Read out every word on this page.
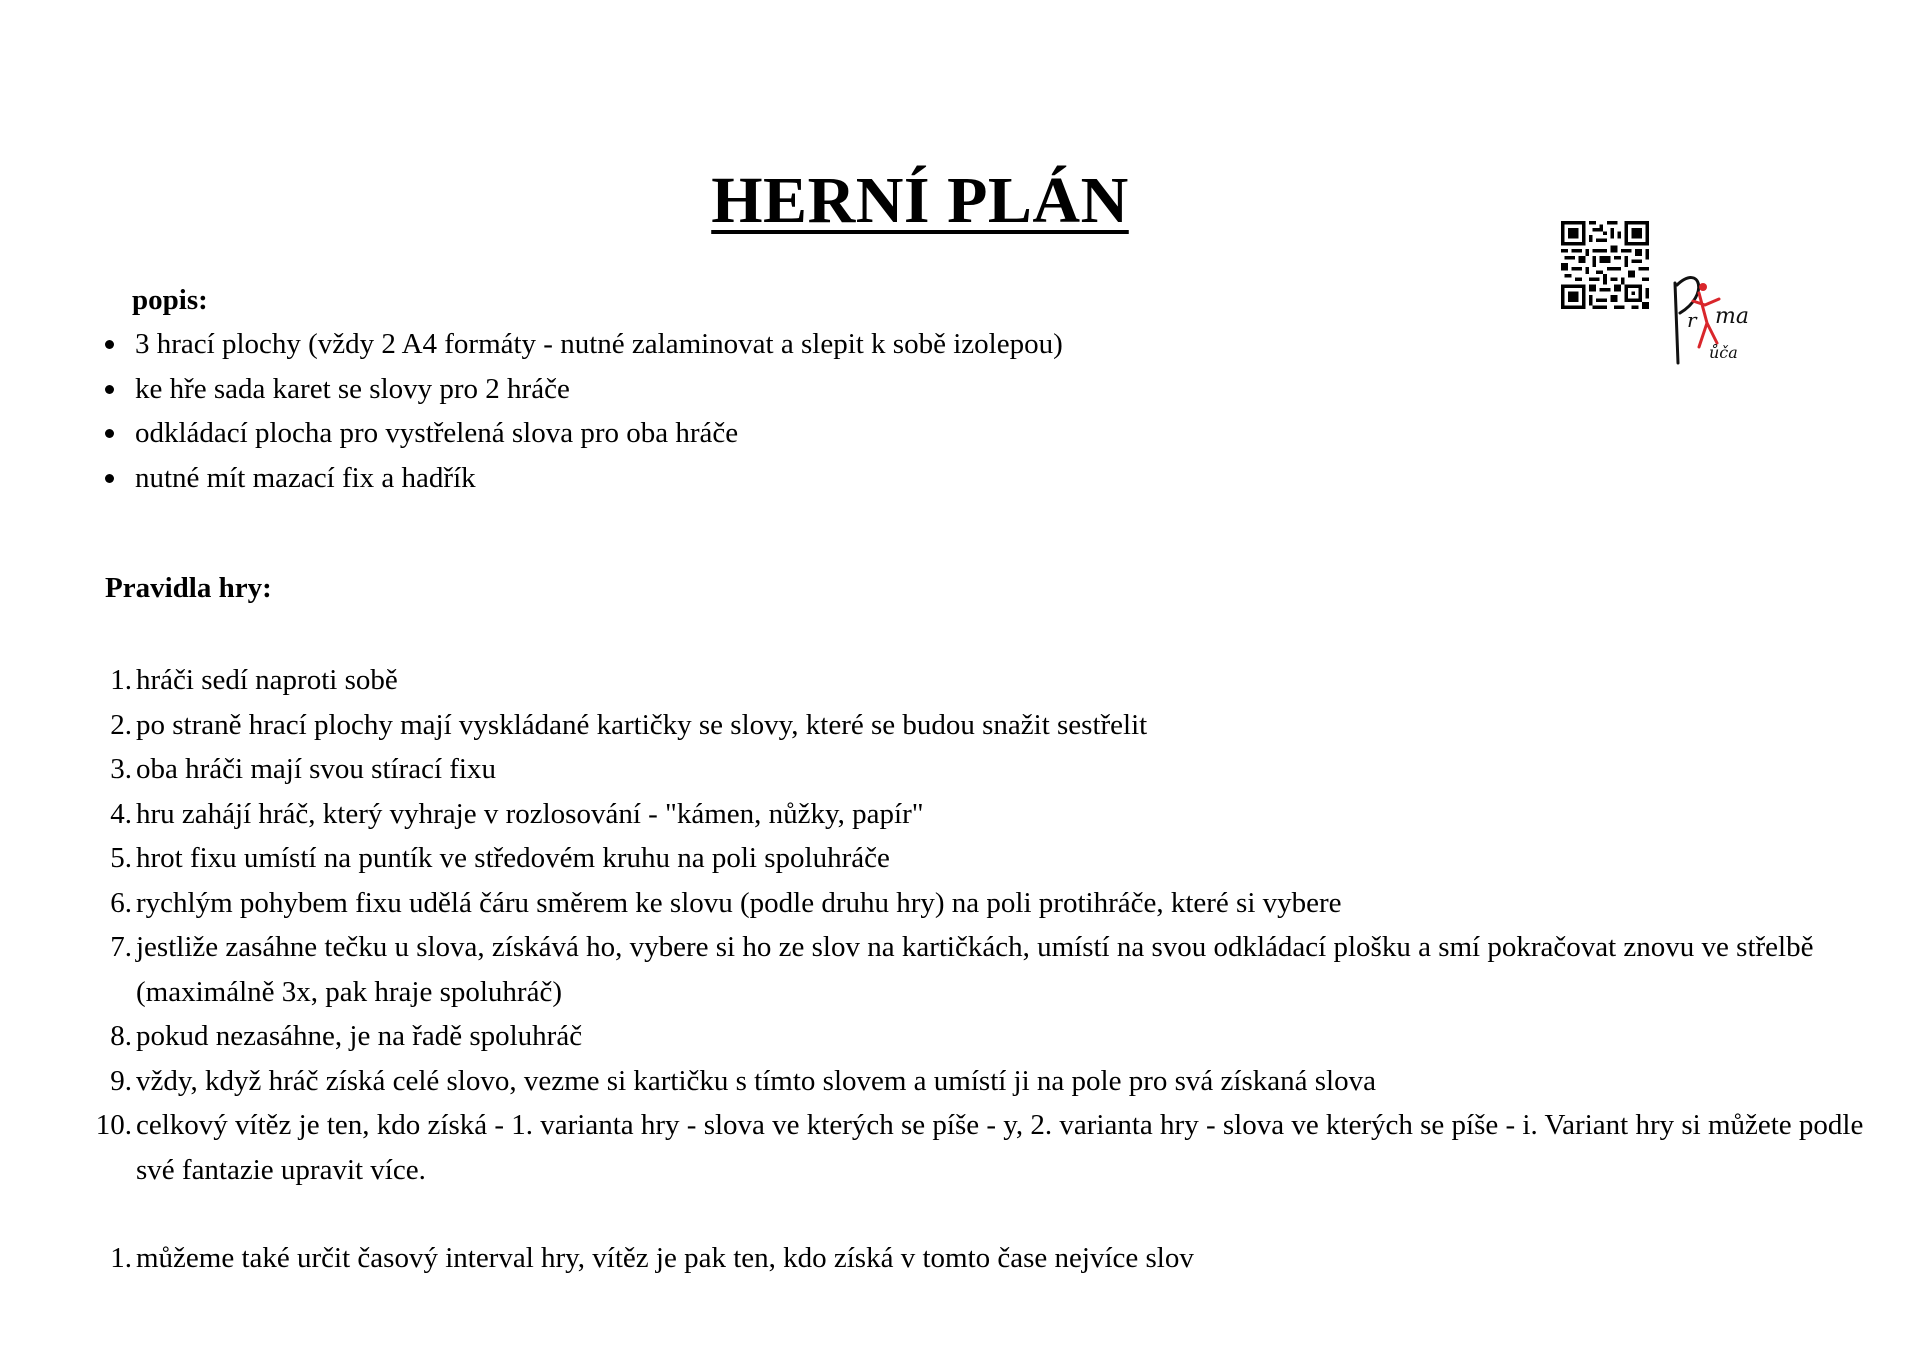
HERNÍ PLÁN
r ma
ůča

popis:

3 hrací plochy (vždy 2 A4 formáty - nutné zalaminovat a slepit k sobě izolepou)
ke hře sada karet se slovy pro 2 hráče
odkládací plocha pro vystřelená slova pro oba hráče
nutné mít mazací fix a hadřík

Pravidla hry:

1. hráči sedí naproti sobě
2. po straně hrací plochy mají vyskládané kartičky se slovy, které se budou snažit sestřelit
3. oba hráči mají svou stírací fixu
4. hru zahájí hráč, který vyhraje v rozlosování - "kámen, nůžky, papír"
5. hrot fixu umístí na puntík ve středovém kruhu na poli spoluhráče
6. rychlým pohybem fixu udělá čáru směrem ke slovu (podle druhu hry) na poli protihráče, které si vybere
7. jestliže zasáhne tečku u slova, získává ho, vybere si ho ze slov na kartičkách, umístí na svou odkládací plošku a smí pokračovat znovu ve střelbě (maximálně 3x, pak hraje spoluhráč)
8. pokud nezasáhne, je na řadě spoluhráč
9. vždy, když hráč získá celé slovo, vezme si kartičku s tímto slovem a umístí ji na pole pro svá získaná slova
10. celkový vítěz je ten, kdo získá - 1. varianta hry - slova ve kterých se píše - y, 2. varianta hry - slova ve kterých se píše - i. Variant hry si můžete podle své fantazie upravit více.
1. můžeme také určit časový interval hry, vítěz je pak ten, kdo získá v tomto čase nejvíce slov
